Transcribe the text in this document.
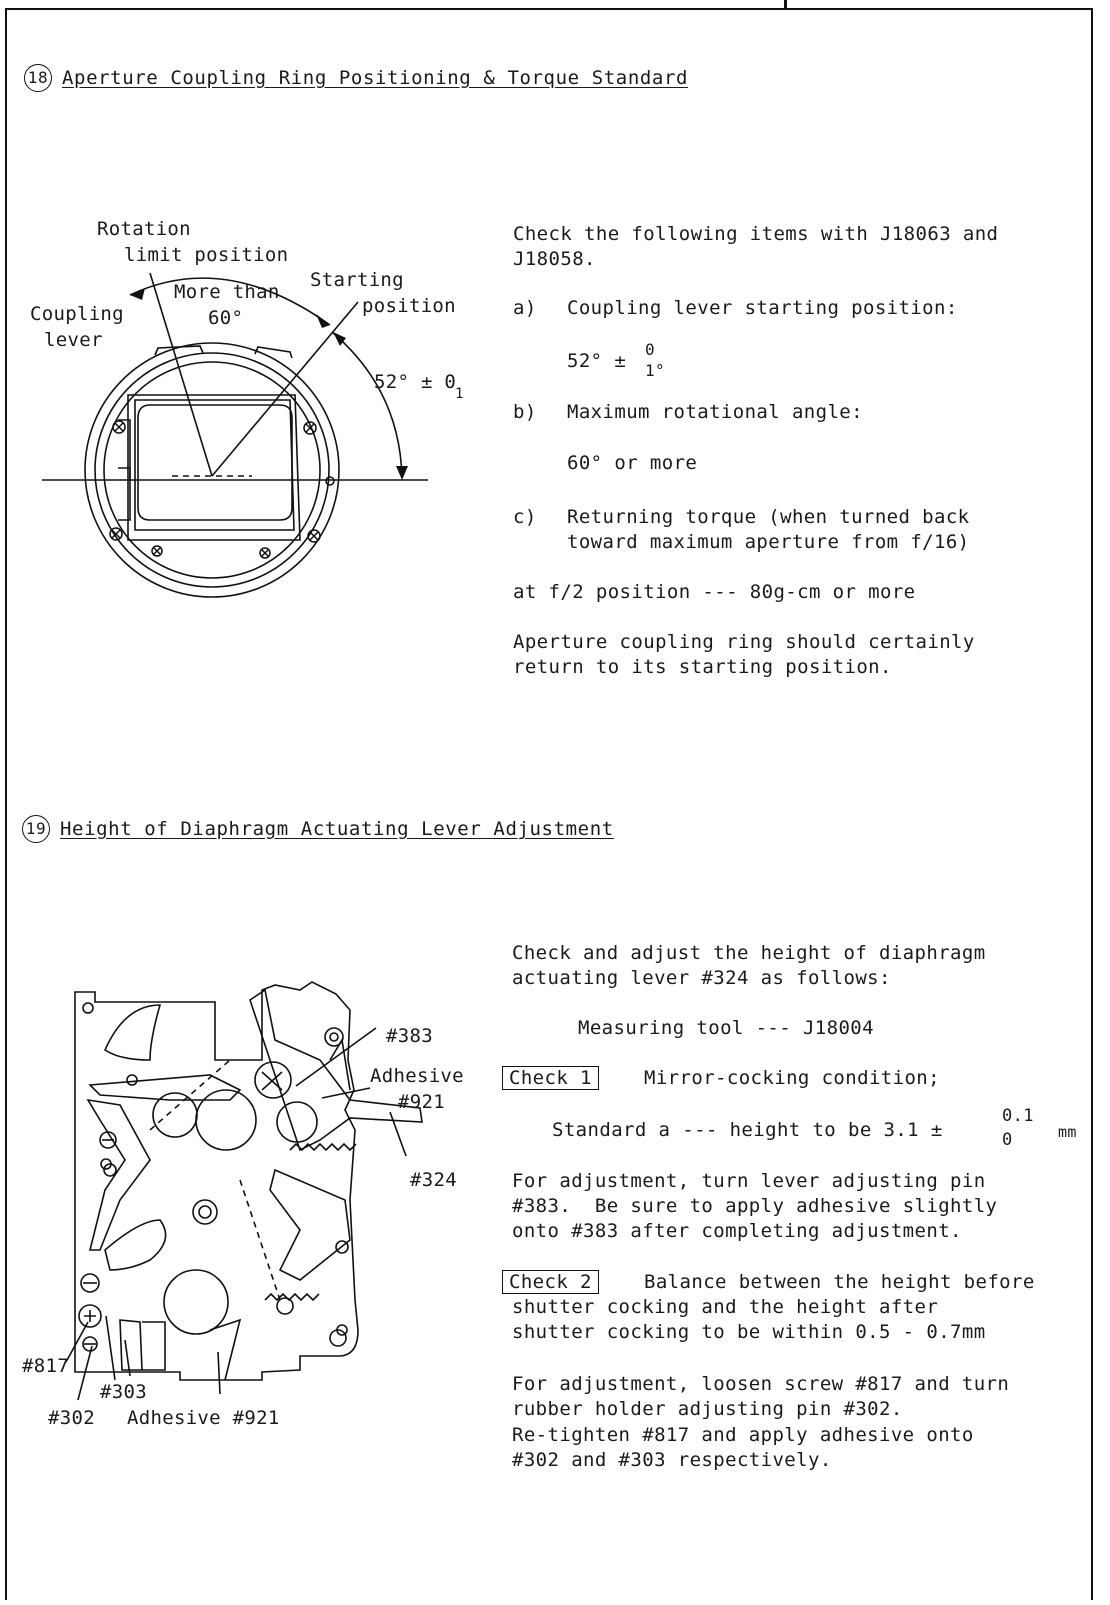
18 Aperture Coupling Ring Positioning & Torque Standard
Rotation
limit position
More than
60°
Starting
position
Coupling
lever
52° ± 0
1
Check the following items with J18063 and
J18058.
a) Coupling lever starting position:
52° ±
0
1°
b) Maximum rotational angle:
60° or more
c) Returning torque (when turned back
toward maximum aperture from f/16)
at f/2 position --- 80g-cm or more
Aperture coupling ring should certainly
return to its starting position.
19 Height of Diaphragm Actuating Lever Adjustment
#383
Adhesive
#921
#324
#817
#303
#302 Adhesive #921
Check and adjust the height of diaphragm
actuating lever #324 as follows:
Measuring tool --- J18004
Check 1	Mirror-cocking condition;
Standard a --- height to be 3.1 ±
0.1
0	mm
For adjustment, turn lever adjusting pin
#383.  Be sure to apply adhesive slightly
onto #383 after completing adjustment.
Check 2	Balance between the height before
shutter cocking and the height after
shutter cocking to be within 0.5 - 0.7mm
For adjustment, loosen screw #817 and turn
rubber holder adjusting pin #302.
Re-tighten #817 and apply adhesive onto
#302 and #303 respectively.
